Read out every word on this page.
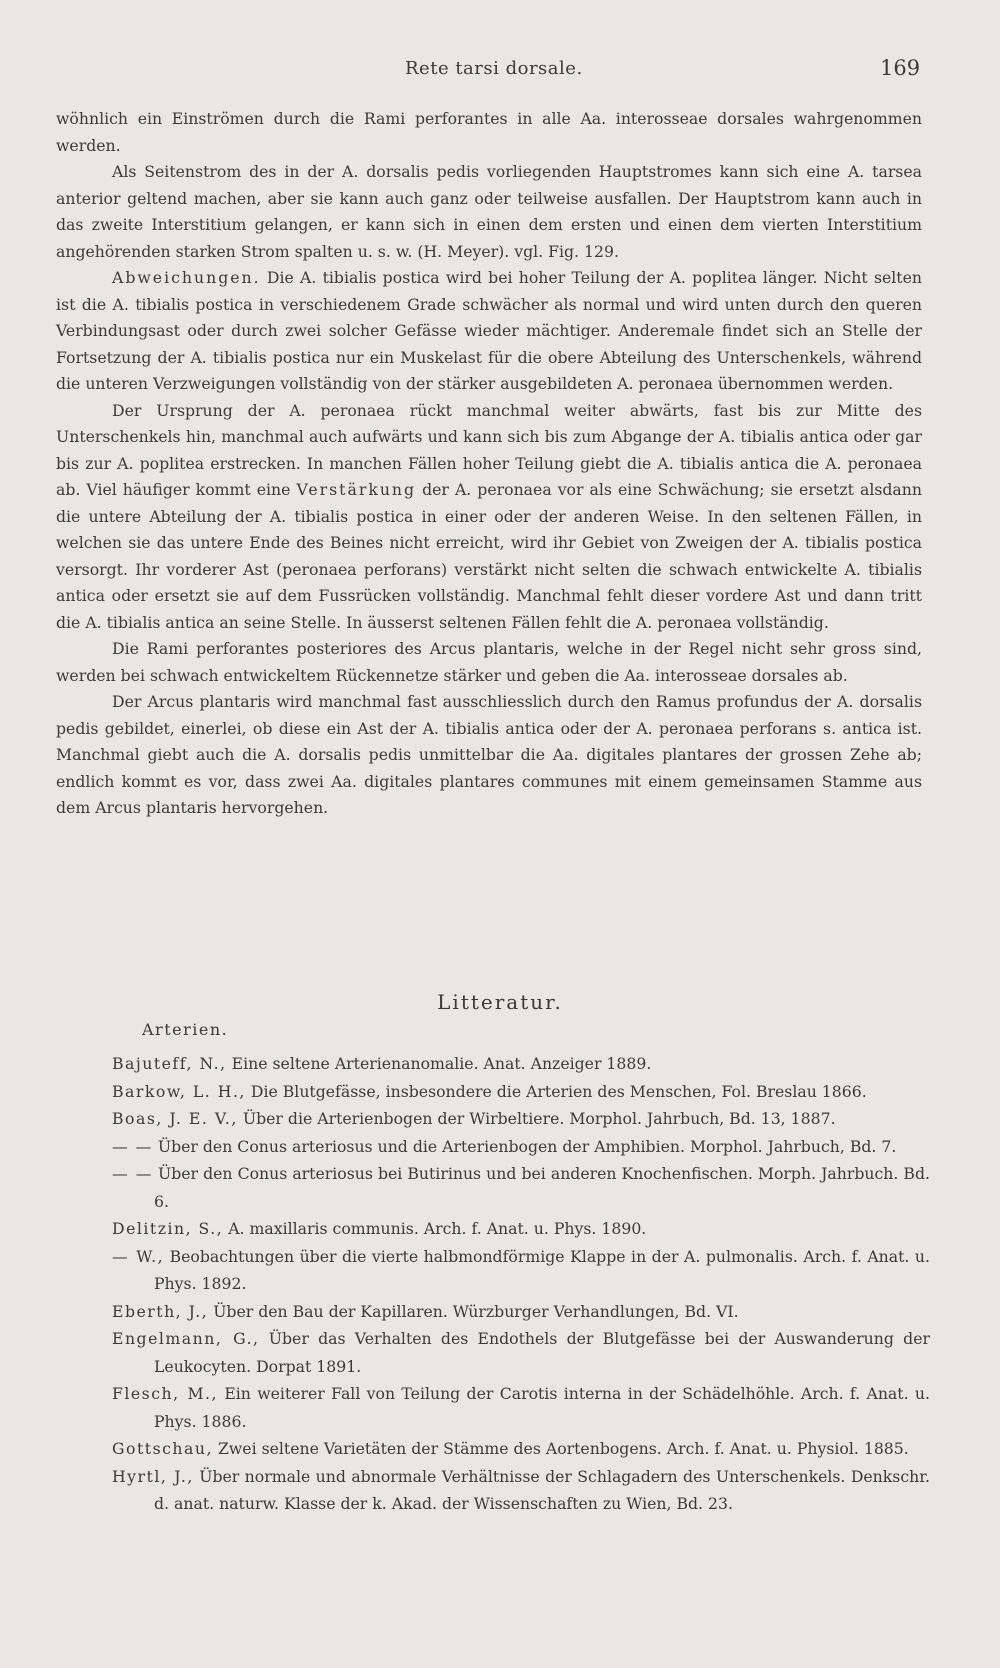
Rete tarsi dorsale.	169

wöhnlich ein Einströmen durch die Rami perforantes in alle Aa. interosseae dorsales wahrgenommen werden.

Als Seitenstrom des in der A. dorsalis pedis vorliegenden Hauptstromes kann sich eine A. tarsea anterior geltend machen, aber sie kann auch ganz oder teilweise ausfallen. Der Hauptstrom kann auch in das zweite Interstitium gelangen, er kann sich in einen dem ersten und einen dem vierten Interstitium angehörenden starken Strom spalten u. s. w. (H. Meyer). vgl. Fig. 129.

Abweichungen. Die A. tibialis postica wird bei hoher Teilung der A. poplitea länger. Nicht selten ist die A. tibialis postica in verschiedenem Grade schwächer als normal und wird unten durch den queren Verbindungsast oder durch zwei solcher Gefässe wieder mächtiger. Anderemale findet sich an Stelle der Fortsetzung der A. tibialis postica nur ein Muskelast für die obere Abteilung des Unterschenkels, während die unteren Verzweigungen vollständig von der stärker ausgebildeten A. peronaea übernommen werden.

Der Ursprung der A. peronaea rückt manchmal weiter abwärts, fast bis zur Mitte des Unterschenkels hin, manchmal auch aufwärts und kann sich bis zum Abgange der A. tibialis antica oder gar bis zur A. poplitea erstrecken. In manchen Fällen hoher Teilung giebt die A. tibialis antica die A. peronaea ab. Viel häufiger kommt eine Verstärkung der A. peronaea vor als eine Schwächung; sie ersetzt alsdann die untere Abteilung der A. tibialis postica in einer oder der anderen Weise. In den seltenen Fällen, in welchen sie das untere Ende des Beines nicht erreicht, wird ihr Gebiet von Zweigen der A. tibialis postica versorgt. Ihr vorderer Ast (peronaea perforans) verstärkt nicht selten die schwach entwickelte A. tibialis antica oder ersetzt sie auf dem Fussrücken vollständig. Manchmal fehlt dieser vordere Ast und dann tritt die A. tibialis antica an seine Stelle. In äusserst seltenen Fällen fehlt die A. peronaea vollständig.

Die Rami perforantes posteriores des Arcus plantaris, welche in der Regel nicht sehr gross sind, werden bei schwach entwickeltem Rückennetze stärker und geben die Aa. interosseae dorsales ab.

Der Arcus plantaris wird manchmal fast ausschliesslich durch den Ramus profundus der A. dorsalis pedis gebildet, einerlei, ob diese ein Ast der A. tibialis antica oder der A. peronaea perforans s. antica ist. Manchmal giebt auch die A. dorsalis pedis unmittelbar die Aa. digitales plantares der grossen Zehe ab; endlich kommt es vor, dass zwei Aa. digitales plantares communes mit einem gemeinsamen Stamme aus dem Arcus plantaris hervorgehen.

Litteratur.
Arterien.
Bajuteff, N., Eine seltene Arterienanomalie. Anat. Anzeiger 1889.
Barkow, L. H., Die Blutgefässe, insbesondere die Arterien des Menschen, Fol. Breslau 1866.
Boas, J. E. V., Über die Arterienbogen der Wirbeltiere. Morphol. Jahrbuch, Bd. 13, 1887.
— — Über den Conus arteriosus und die Arterienbogen der Amphibien. Morphol. Jahrbuch, Bd. 7.
— — Über den Conus arteriosus bei Butirinus und bei anderen Knochenfischen. Morph. Jahrbuch. Bd. 6.
Delitzin, S., A. maxillaris communis. Arch. f. Anat. u. Phys. 1890.
— W., Beobachtungen über die vierte halbmondförmige Klappe in der A. pulmonalis. Arch. f. Anat. u. Phys. 1892.
Eberth, J., Über den Bau der Kapillaren. Würzburger Verhandlungen, Bd. VI.
Engelmann, G., Über das Verhalten des Endothels der Blutgefässe bei der Auswanderung der Leukocyten. Dorpat 1891.
Flesch, M., Ein weiterer Fall von Teilung der Carotis interna in der Schädelhöhle. Arch. f. Anat. u. Phys. 1886.
Gottschau, Zwei seltene Varietäten der Stämme des Aortenbogens. Arch. f. Anat. u. Physiol. 1885.
Hyrtl, J., Über normale und abnormale Verhältnisse der Schlagadern des Unterschenkels. Denkschr. d. anat. naturw. Klasse der k. Akad. der Wissenschaften zu Wien, Bd. 23.
